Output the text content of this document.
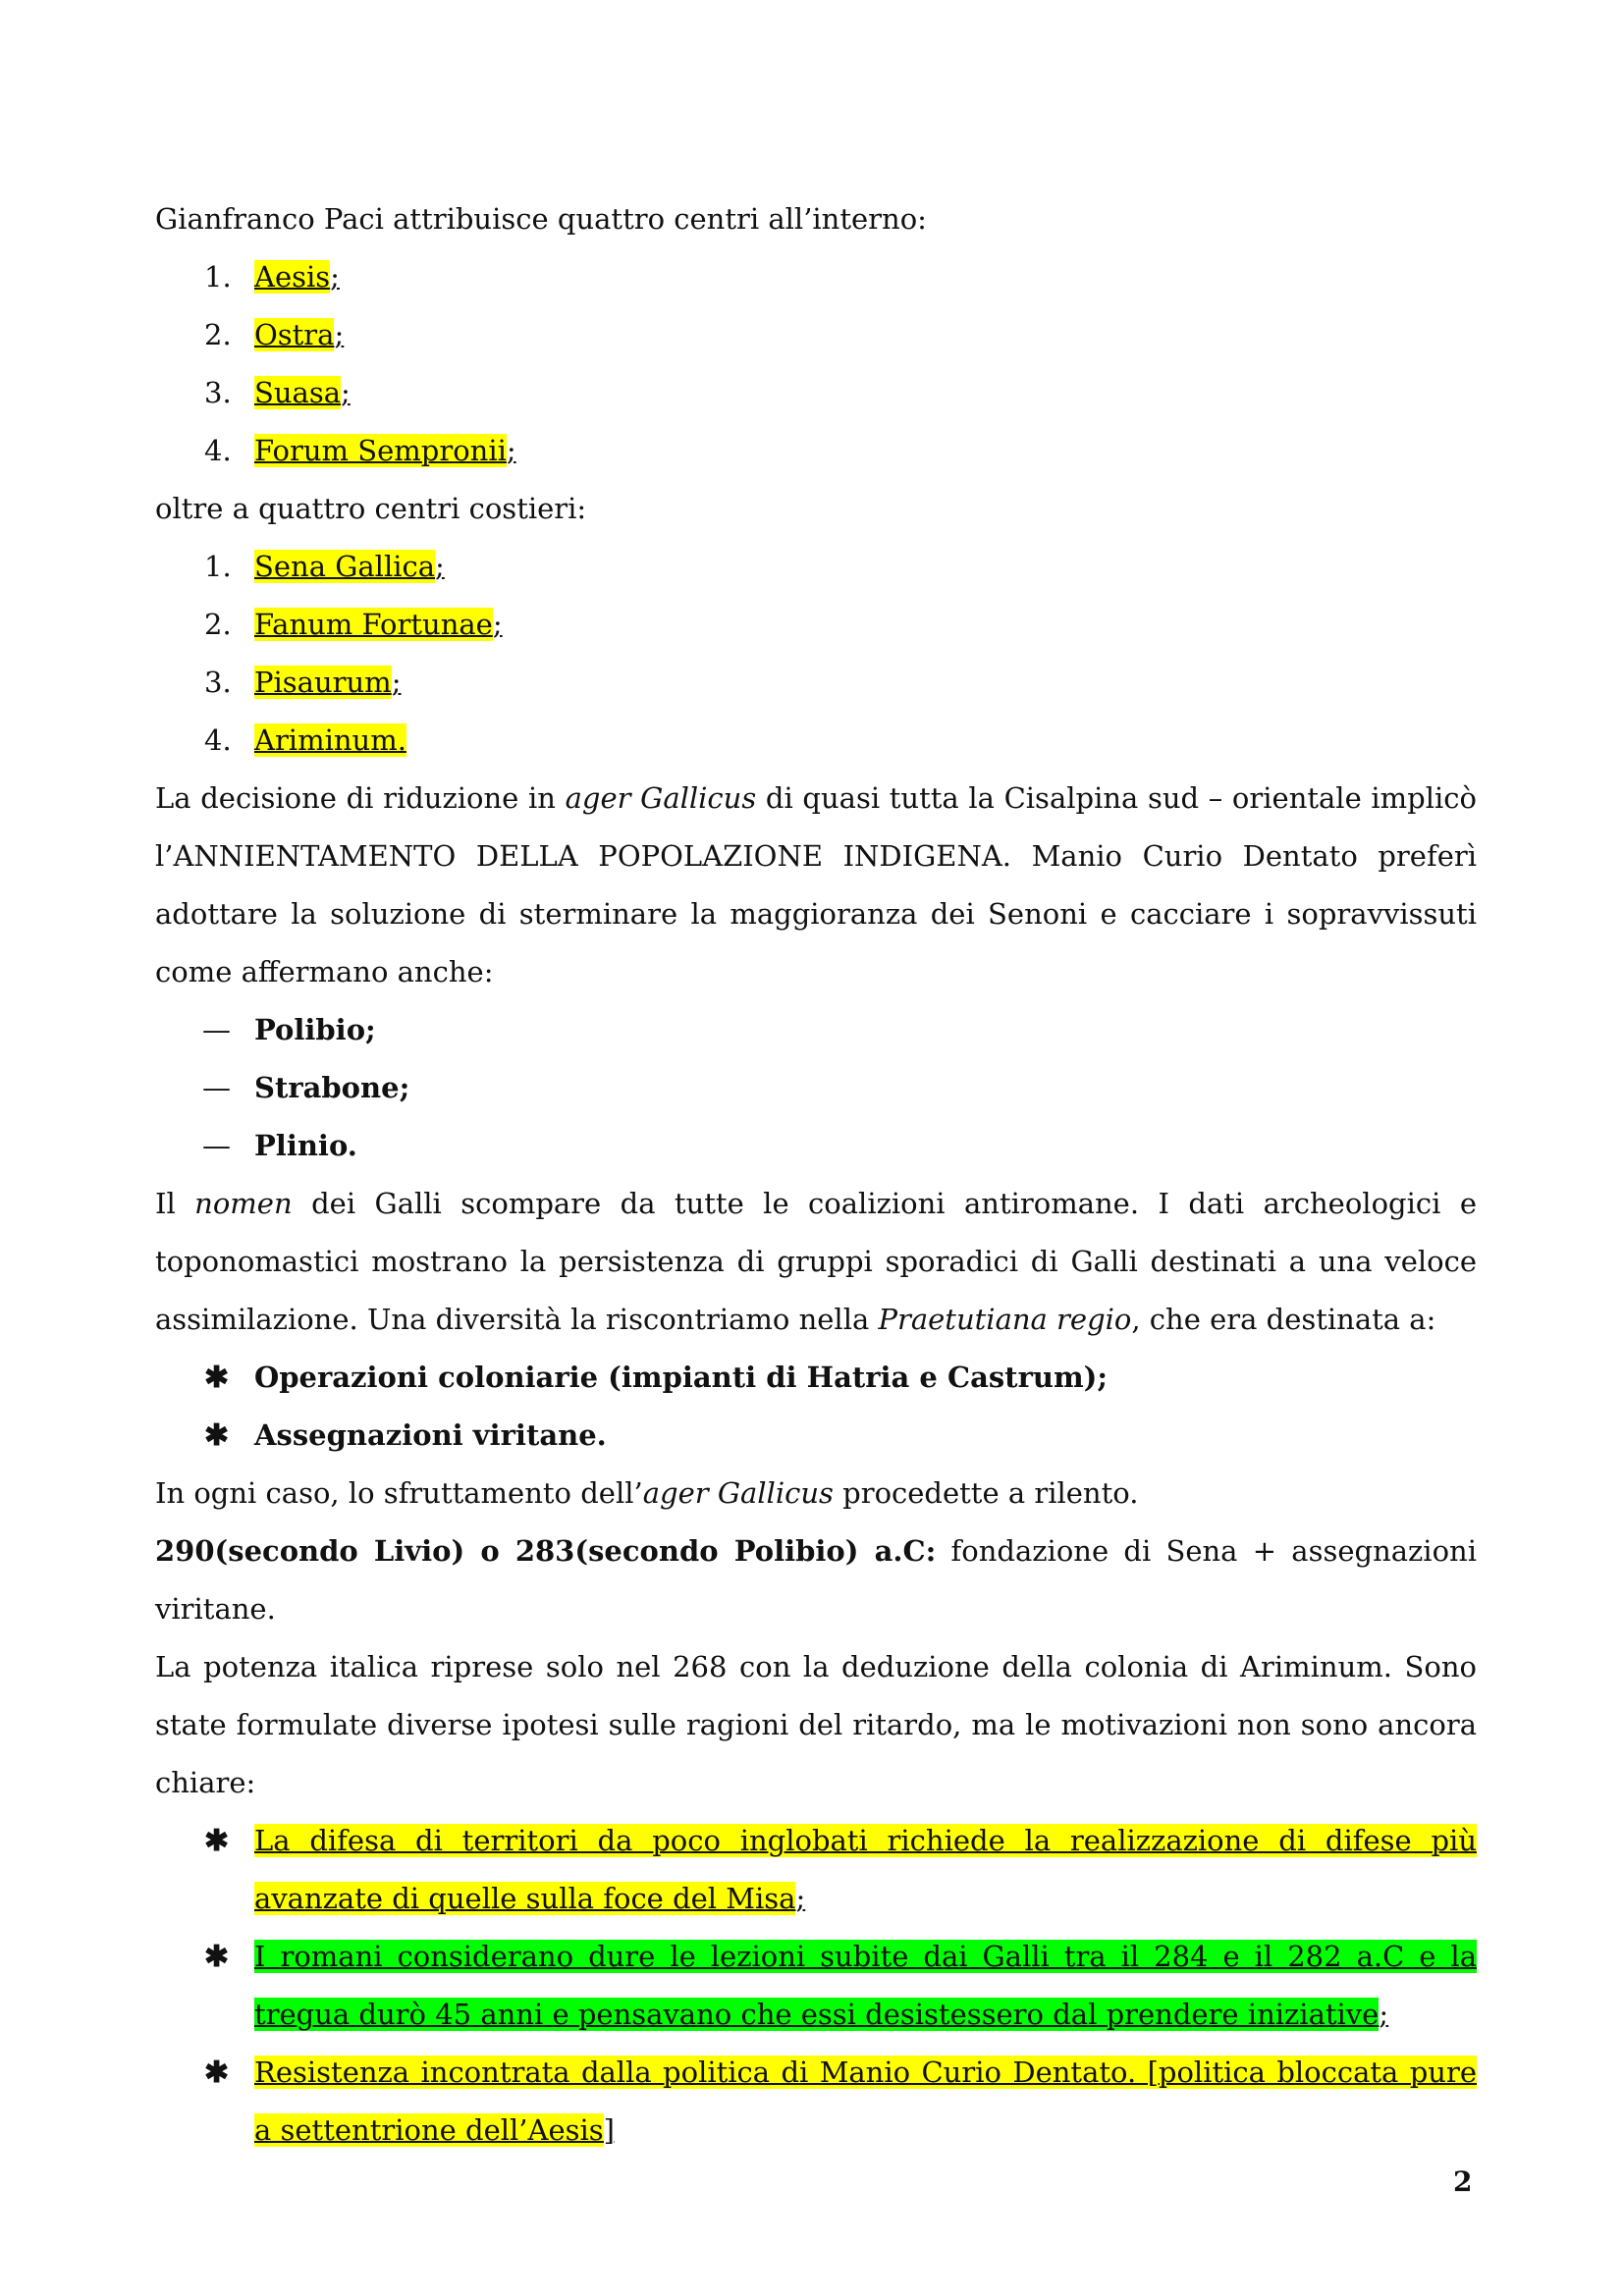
Gianfranco Paci attribuisce quattro centri all’interno:

1. Aesis;
2. Ostra;
3. Suasa;
4. Forum Sempronii;

oltre a quattro centri costieri:

1. Sena Gallica;
2. Fanum Fortunae;
3. Pisaurum;
4. Ariminum.

La decisione di riduzione in ager Gallicus di quasi tutta la Cisalpina sud – orientale implicò l’ANNIENTAMENTO DELLA POPOLAZIONE INDIGENA. Manio Curio Dentato preferì adottare la soluzione di sterminare la maggioranza dei Senoni e cacciare i sopravvissuti come affermano anche:

— Polibio;
— Strabone;
— Plinio.

Il nomen dei Galli scompare da tutte le coalizioni antiromane. I dati archeologici e toponomastici mostrano la persistenza di gruppi sporadici di Galli destinati a una veloce assimilazione. Una diversità la riscontriamo nella Praetutiana regio, che era destinata a:

✱ Operazioni coloniarie (impianti di Hatria e Castrum);
✱ Assegnazioni viritane.

In ogni caso, lo sfruttamento dell’ager Gallicus procedette a rilento.

290(secondo Livio) o 283(secondo Polibio) a.C: fondazione di Sena + assegnazioni viritane.

La potenza italica riprese solo nel 268 con la deduzione della colonia di Ariminum. Sono state formulate diverse ipotesi sulle ragioni del ritardo, ma le motivazioni non sono ancora chiare:

✱ La difesa di territori da poco inglobati richiede la realizzazione di difese più avanzate di quelle sulla foce del Misa;
✱ I romani considerano dure le lezioni subite dai Galli tra il 284 e il 282 a.C e la tregua durò 45 anni e pensavano che essi desistessero dal prendere iniziative;
✱ Resistenza incontrata dalla politica di Manio Curio Dentato. [politica bloccata pure a settentrione dell’Aesis]
2
